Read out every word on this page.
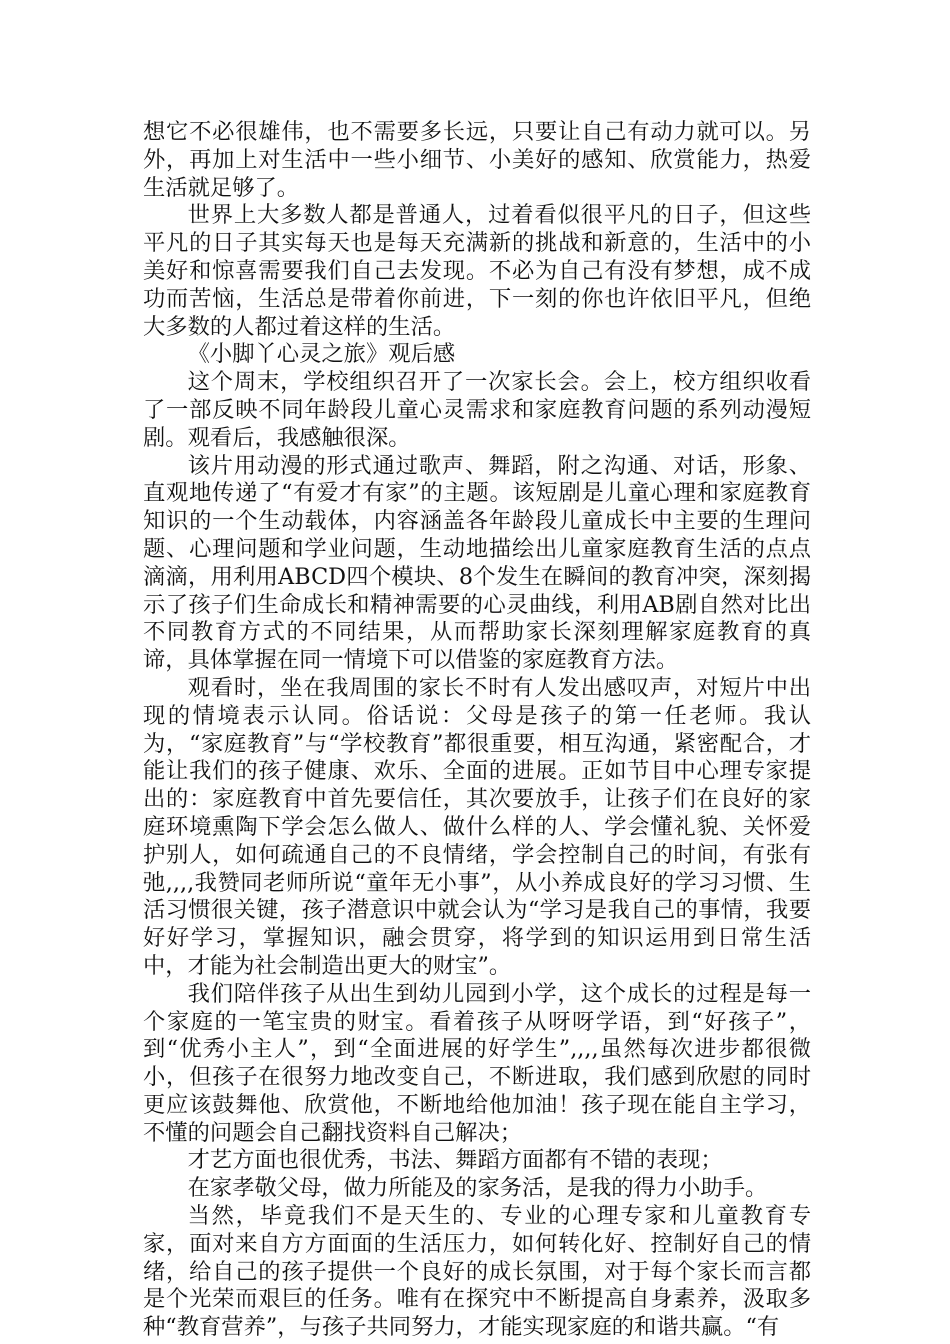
想它不必很雄伟，也不需要多长远，只要让自己有动力就可以。另外，再加上对生活中一些小细节、小美好的感知、欣赏能力，热爱生活就足够了。

世界上大多数人都是普通人，过着看似很平凡的日子，但这些平凡的日子其实每天也是每天充满新的挑战和新意的，生活中的小美好和惊喜需要我们自己去发现。不必为自己有没有梦想，成不成功而苦恼，生活总是带着你前进，下一刻的你也许依旧平凡，但绝大多数的人都过着这样的生活。

《小脚丫心灵之旅》观后感

这个周末，学校组织召开了一次家长会。会上，校方组织收看了一部反映不同年龄段儿童心灵需求和家庭教育问题的系列动漫短剧。观看后，我感触很深。

该片用动漫的形式通过歌声、舞蹈，附之沟通、对话，形象、直观地传递了“有爱才有家”的主题。该短剧是儿童心理和家庭教育知识的一个生动载体，内容涵盖各年龄段儿童成长中主要的生理问题、心理问题和学业问题，生动地描绘出儿童家庭教育生活的点点滴滴，用利用ABCD四个模块、8个发生在瞬间的教育冲突，深刻揭示了孩子们生命成长和精神需要的心灵曲线，利用AB剧自然对比出不同教育方式的不同结果，从而帮助家长深刻理解家庭教育的真谛，具体掌握在同一情境下可以借鉴的家庭教育方法。

观看时，坐在我周围的家长不时有人发出感叹声，对短片中出现的情境表示认同。俗话说：父母是孩子的第一任老师。我认为，“家庭教育”与“学校教育”都很重要，相互沟通，紧密配合，才能让我们的孩子健康、欢乐、全面的进展。正如节目中心理专家提出的：家庭教育中首先要信任，其次要放手，让孩子们在良好的家庭环境熏陶下学会怎么做人、做什么样的人、学会懂礼貌、关怀爱护别人，如何疏通自己的不良情绪，学会控制自己的时间，有张有弛,,,,我赞同老师所说“童年无小事”，从小养成良好的学习习惯、生活习惯很关键，孩子潜意识中就会认为“学习是我自己的事情，我要好好学习，掌握知识，融会贯穿，将学到的知识运用到日常生活中，才能为社会制造出更大的财宝”。

我们陪伴孩子从出生到幼儿园到小学，这个成长的过程是每一个家庭的一笔宝贵的财宝。看着孩子从呀呀学语，到“好孩子”，到“优秀小主人”，到“全面进展的好学生”,,,,虽然每次进步都很微小，但孩子在很努力地改变自己，不断进取，我们感到欣慰的同时更应该鼓舞他、欣赏他，不断地给他加油！孩子现在能自主学习，不懂的问题会自己翻找资料自己解决；

才艺方面也很优秀，书法、舞蹈方面都有不错的表现；

在家孝敬父母，做力所能及的家务活，是我的得力小助手。

当然，毕竟我们不是天生的、专业的心理专家和儿童教育专家，面对来自方方面面的生活压力，如何转化好、控制好自己的情绪，给自己的孩子提供一个良好的成长氛围，对于每个家长而言都是个光荣而艰巨的任务。唯有在探究中不断提高自身素养，汲取多种“教育营养”，与孩子共同努力，才能实现家庭的和谐共赢。“有
